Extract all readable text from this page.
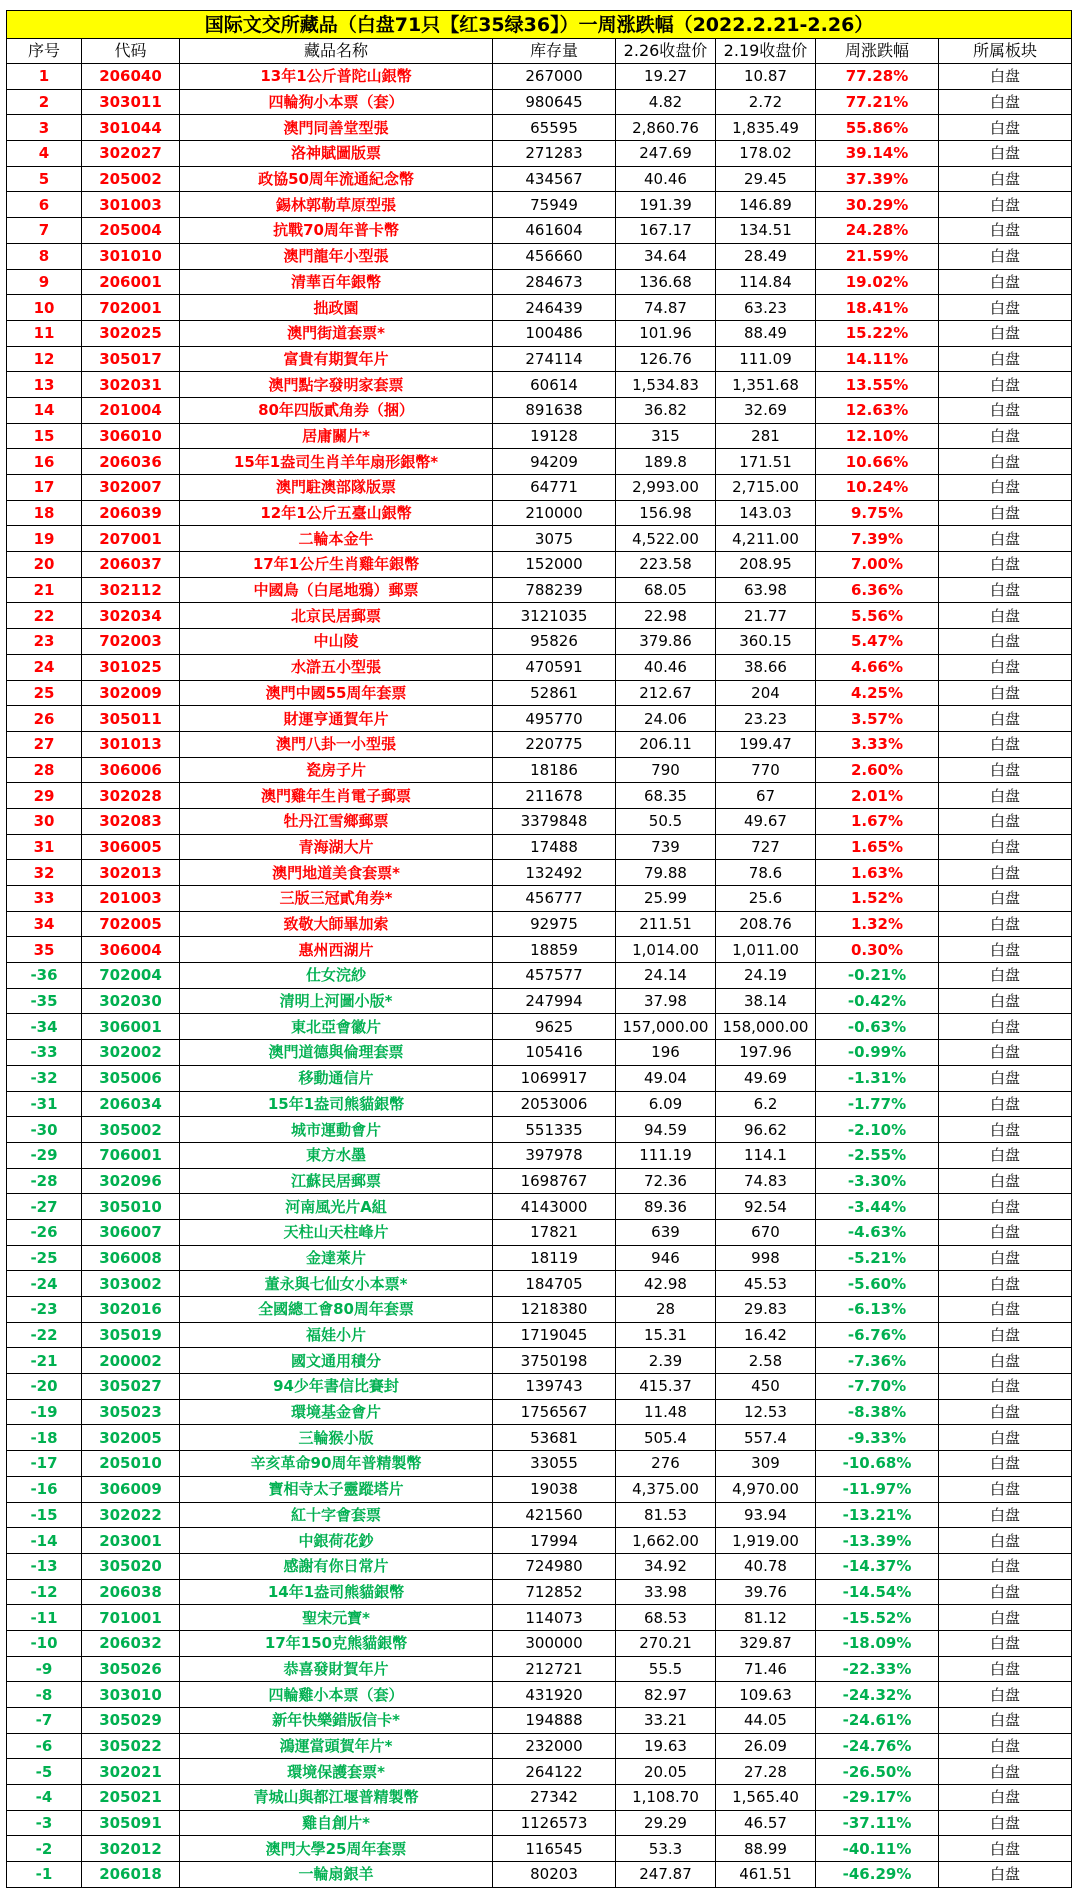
国际文交所藏品（白盘71只【红35绿36】）一周涨跌幅（2022.2.21-2.26）							
序号	代码	藏品名称	库存量	2.26收盘价	2.19收盘价	周涨跌幅	所属板块
1	206040	13年1公斤普陀山銀幣	267000	19.27	10.87	77.28%	白盘
2	303011	四輪狗小本票（套）	980645	4.82	2.72	77.21%	白盘
3	301044	澳門同善堂型張	65595	2,860.76	1,835.49	55.86%	白盘
4	302027	洛神賦圖版票	271283	247.69	178.02	39.14%	白盘
5	205002	政協50周年流通紀念幣	434567	40.46	29.45	37.39%	白盘
6	301003	錫林郭勒草原型張	75949	191.39	146.89	30.29%	白盘
7	205004	抗戰70周年普卡幣	461604	167.17	134.51	24.28%	白盘
8	301010	澳門龍年小型張	456660	34.64	28.49	21.59%	白盘
9	206001	清華百年銀幣	284673	136.68	114.84	19.02%	白盘
10	702001	拙政園	246439	74.87	63.23	18.41%	白盘
11	302025	澳門街道套票*	100486	101.96	88.49	15.22%	白盘
12	305017	富貴有期賀年片	274114	126.76	111.09	14.11%	白盘
13	302031	澳門點字發明家套票	60614	1,534.83	1,351.68	13.55%	白盘
14	201004	80年四版貳角券（捆）	891638	36.82	32.69	12.63%	白盘
15	306010	居庸關片*	19128	315	281	12.10%	白盘
16	206036	15年1盎司生肖羊年扇形銀幣*	94209	189.8	171.51	10.66%	白盘
17	302007	澳門駐澳部隊版票	64771	2,993.00	2,715.00	10.24%	白盘
18	206039	12年1公斤五臺山銀幣	210000	156.98	143.03	9.75%	白盘
19	207001	二輪本金牛	3075	4,522.00	4,211.00	7.39%	白盘
20	206037	17年1公斤生肖雞年銀幣	152000	223.58	208.95	7.00%	白盘
21	302112	中國鳥（白尾地鴉）郵票	788239	68.05	63.98	6.36%	白盘
22	302034	北京民居郵票	3121035	22.98	21.77	5.56%	白盘
23	702003	中山陵	95826	379.86	360.15	5.47%	白盘
24	301025	水滸五小型張	470591	40.46	38.66	4.66%	白盘
25	302009	澳門中國55周年套票	52861	212.67	204	4.25%	白盘
26	305011	財運亨通賀年片	495770	24.06	23.23	3.57%	白盘
27	301013	澳門八卦一小型張	220775	206.11	199.47	3.33%	白盘
28	306006	瓷房子片	18186	790	770	2.60%	白盘
29	302028	澳門雞年生肖電子郵票	211678	68.35	67	2.01%	白盘
30	302083	牡丹江雪鄉郵票	3379848	50.5	49.67	1.67%	白盘
31	306005	青海湖大片	17488	739	727	1.65%	白盘
32	302013	澳門地道美食套票*	132492	79.88	78.6	1.63%	白盘
33	201003	三版三冠貳角券*	456777	25.99	25.6	1.52%	白盘
34	702005	致敬大師畢加索	92975	211.51	208.76	1.32%	白盘
35	306004	惠州西湖片	18859	1,014.00	1,011.00	0.30%	白盘
-36	702004	仕女浣紗	457577	24.14	24.19	-0.21%	白盘
-35	302030	清明上河圖小版*	247994	37.98	38.14	-0.42%	白盘
-34	306001	東北亞會徽片	9625	157,000.00	158,000.00	-0.63%	白盘
-33	302002	澳門道德與倫理套票	105416	196	197.96	-0.99%	白盘
-32	305006	移動通信片	1069917	49.04	49.69	-1.31%	白盘
-31	206034	15年1盎司熊貓銀幣	2053006	6.09	6.2	-1.77%	白盘
-30	305002	城市運動會片	551335	94.59	96.62	-2.10%	白盘
-29	706001	東方水墨	397978	111.19	114.1	-2.55%	白盘
-28	302096	江蘇民居郵票	1698767	72.36	74.83	-3.30%	白盘
-27	305010	河南風光片A組	4143000	89.36	92.54	-3.44%	白盘
-26	306007	天柱山天柱峰片	17821	639	670	-4.63%	白盘
-25	306008	金達萊片	18119	946	998	-5.21%	白盘
-24	303002	董永與七仙女小本票*	184705	42.98	45.53	-5.60%	白盘
-23	302016	全國總工會80周年套票	1218380	28	29.83	-6.13%	白盘
-22	305019	福娃小片	1719045	15.31	16.42	-6.76%	白盘
-21	200002	國文通用積分	3750198	2.39	2.58	-7.36%	白盘
-20	305027	94少年書信比賽封	139743	415.37	450	-7.70%	白盘
-19	305023	環境基金會片	1756567	11.48	12.53	-8.38%	白盘
-18	302005	三輪猴小版	53681	505.4	557.4	-9.33%	白盘
-17	205010	辛亥革命90周年普精製幣	33055	276	309	-10.68%	白盘
-16	306009	寶相寺太子靈蹤塔片	19038	4,375.00	4,970.00	-11.97%	白盘
-15	302022	紅十字會套票	421560	81.53	93.94	-13.21%	白盘
-14	203001	中銀荷花鈔	17994	1,662.00	1,919.00	-13.39%	白盘
-13	305020	感謝有你日常片	724980	34.92	40.78	-14.37%	白盘
-12	206038	14年1盎司熊貓銀幣	712852	33.98	39.76	-14.54%	白盘
-11	701001	聖宋元寶*	114073	68.53	81.12	-15.52%	白盘
-10	206032	17年150克熊貓銀幣	300000	270.21	329.87	-18.09%	白盘
-9	305026	恭喜發財賀年片	212721	55.5	71.46	-22.33%	白盘
-8	303010	四輪雞小本票（套）	431920	82.97	109.63	-24.32%	白盘
-7	305029	新年快樂錯版信卡*	194888	33.21	44.05	-24.61%	白盘
-6	305022	鴻運當頭賀年片*	232000	19.63	26.09	-24.76%	白盘
-5	302021	環境保護套票*	264122	20.05	27.28	-26.50%	白盘
-4	205021	青城山與都江堰普精製幣	27342	1,108.70	1,565.40	-29.17%	白盘
-3	305091	雞自創片*	1126573	29.29	46.57	-37.11%	白盘
-2	302012	澳門大學25周年套票	116545	53.3	88.99	-40.11%	白盘
-1	206018	一輪扇銀羊	80203	247.87	461.51	-46.29%	白盘
